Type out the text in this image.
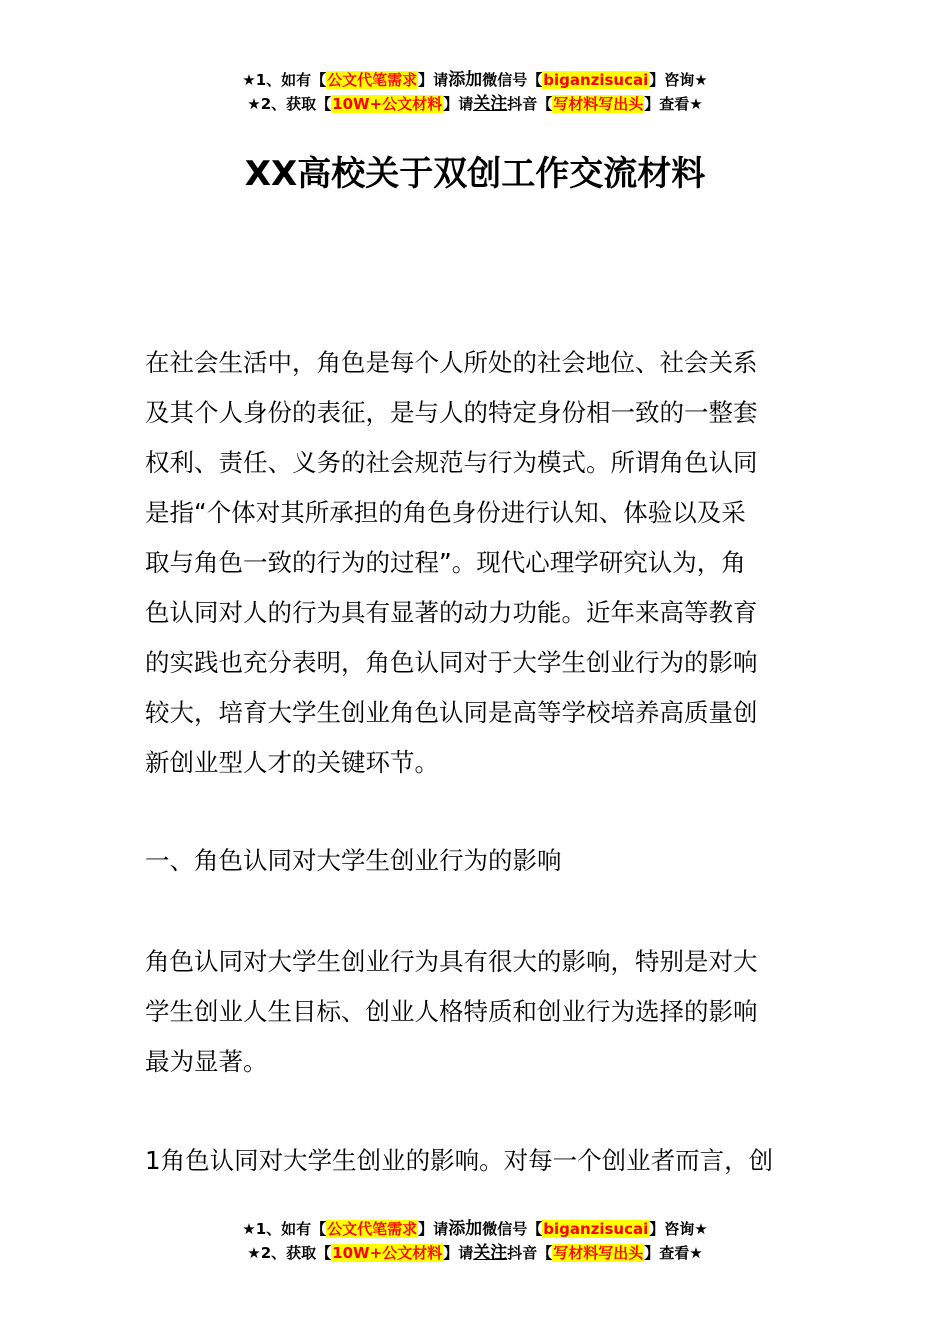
★1、如有【公文代笔需求】请添加微信号【biganzisucai】咨询★
★2、获取【10W+公文材料】请关注抖音【写材料写出头】查看★
XX高校关于双创工作交流材料
在社会生活中，角色是每个人所处的社会地位、社会关系
及其个人身份的表征，是与人的特定身份相一致的一整套
权利、责任、义务的社会规范与行为模式。所谓角色认同
是指“个体对其所承担的角色身份进行认知、体验以及采
取与角色一致的行为的过程”。现代心理学研究认为，角
色认同对人的行为具有显著的动力功能。近年来高等教育
的实践也充分表明，角色认同对于大学生创业行为的影响
较大，培育大学生创业角色认同是高等学校培养高质量创
新创业型人才的关键环节。
一、角色认同对大学生创业行为的影响
角色认同对大学生创业行为具有很大的影响，特别是对大
学生创业人生目标、创业人格特质和创业行为选择的影响
最为显著。
1角色认同对大学生创业的影响。对每一个创业者而言，创
★1、如有【公文代笔需求】请添加微信号【biganzisucai】咨询★
★2、获取【10W+公文材料】请关注抖音【写材料写出头】查看★
